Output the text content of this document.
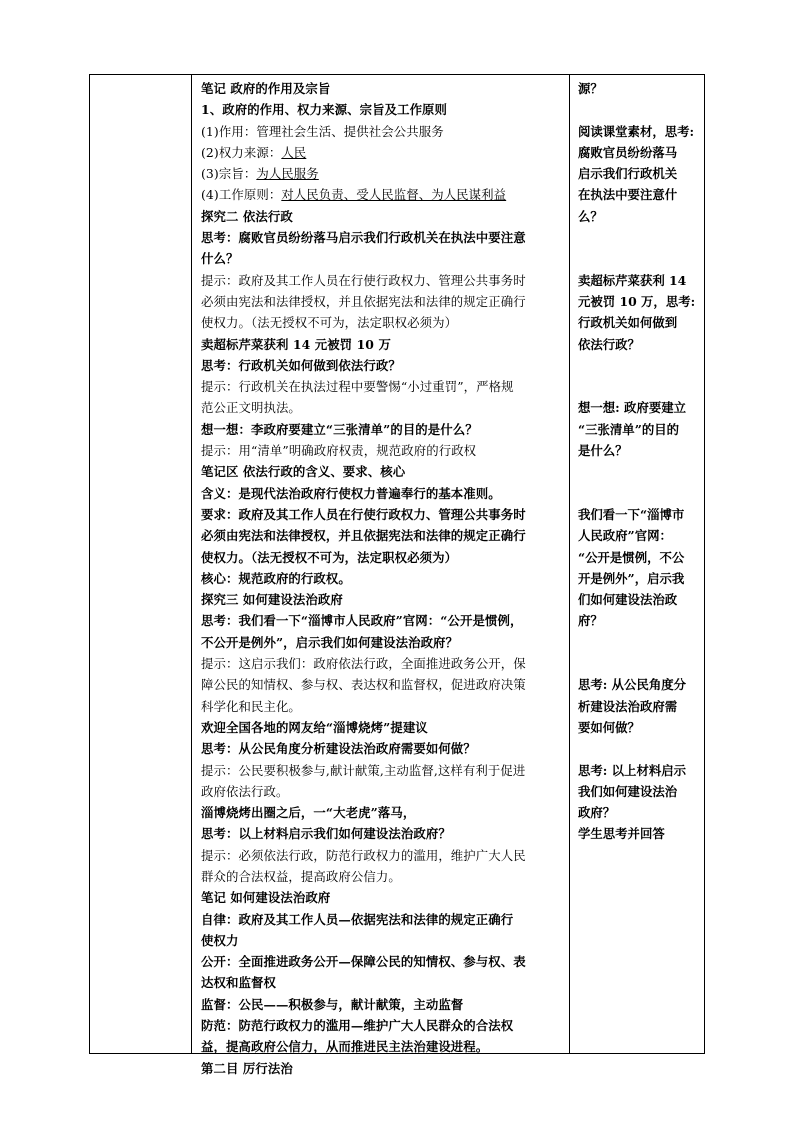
笔记 政府的作用及宗旨
1、政府的作用、权力来源、宗旨及工作原则
(1)作用：管理社会生活、提供社会公共服务
(2)权力来源：人民
(3)宗旨：为人民服务
(4)工作原则：对人民负责、受人民监督、为人民谋利益
探究二 依法行政
思考：腐败官员纷纷落马启示我们行政机关在执法中要注意
什么？
提示：政府及其工作人员在行使行政权力、管理公共事务时
必须由宪法和法律授权，并且依据宪法和法律的规定正确行
使权力。（法无授权不可为，法定职权必须为）
卖超标芹菜获利 14 元被罚 10 万
思考：行政机关如何做到依法行政？
提示：行政机关在执法过程中要警惕“小过重罚”，严格规
范公正文明执法。
想一想：李政府要建立“三张清单”的目的是什么？
提示：用“清单”明确政府权责，规范政府的行政权
笔记区 依法行政的含义、要求、核心
含义：是现代法治政府行使权力普遍奉行的基本准则。
要求：政府及其工作人员在行使行政权力、管理公共事务时
必须由宪法和法律授权，并且依据宪法和法律的规定正确行
使权力。（法无授权不可为，法定职权必须为）
核心：规范政府的行政权。
探究三 如何建设法治政府
思考：我们看一下“淄博市人民政府”官网：“公开是惯例，
不公开是例外”，启示我们如何建设法治政府？
提示：这启示我们：政府依法行政，全面推进政务公开，保
障公民的知情权、参与权、表达权和监督权，促进政府决策
科学化和民主化。
欢迎全国各地的网友给“淄博烧烤”提建议
思考：从公民角度分析建设法治政府需要如何做？
提示：公民要积极参与,献计献策,主动监督,这样有利于促进
政府依法行政。
淄博烧烤出圈之后，一“大老虎”落马，
思考：以上材料启示我们如何建设法治政府？
提示：必须依法行政，防范行政权力的滥用，维护广大人民
群众的合法权益，提高政府公信力。
笔记 如何建设法治政府
自律：政府及其工作人员—依据宪法和法律的规定正确行
使权力
公开：全面推进政务公开—保障公民的知情权、参与权、表
达权和监督权
监督：公民——积极参与，献计献策，主动监督
防范：防范行政权力的滥用—维护广大人民群众的合法权
益，提高政府公信力，从而推进民主法治建设进程。
第二目 厉行法治
源？
阅读课堂素材，思考:
腐败官员纷纷落马
启示我们行政机关
在执法中要注意什
么？
卖超标芹菜获利 14
元被罚 10 万，思考:
行政机关如何做到
依法行政？
想一想: 政府要建立
“三张清单”的目的
是什么？
我们看一下“淄博市
人民政府”官网：
“公开是惯例，不公
开是例外”，启示我
们如何建设法治政
府？
思考: 从公民角度分
析建设法治政府需
要如何做？
思考: 以上材料启示
我们如何建设法治
政府？
学生思考并回答
